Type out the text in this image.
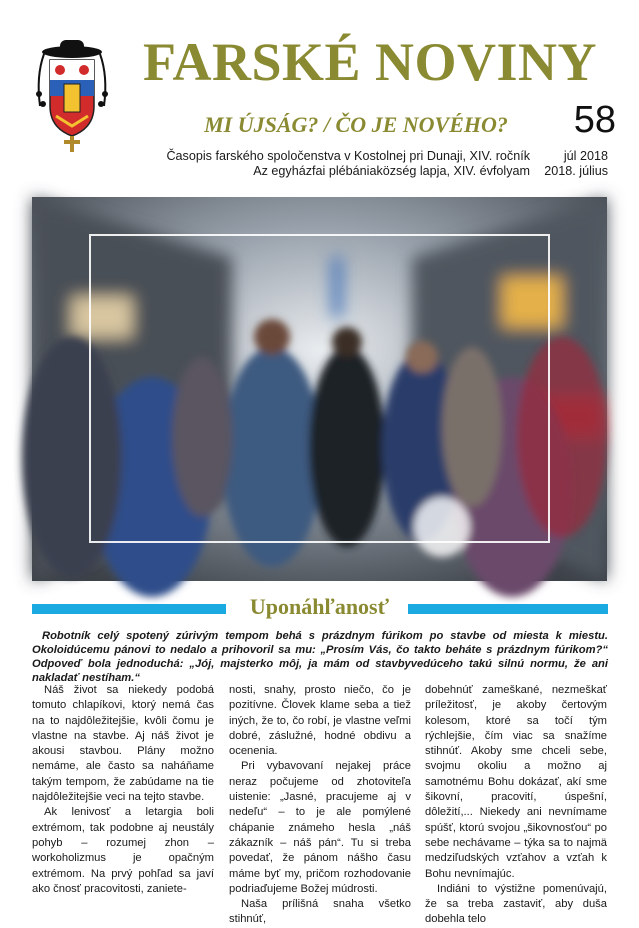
FARSKÉ NOVINY
MI ÚJSÁG? / ČO JE NOVÉHO?	58
Časopis farského spoločenstva v Kostolnej pri Dunaji, XIV. ročník
Az egyházfai plébániaközség lapja, XIV. évfolyam
júl 2018
2018. július
Uponáhľanosť
Robotník celý spotený zúrivým tempom behá s prázdnym fúrikom po stavbe od miesta k miestu. Okoloidúcemu pánovi to nedalo a prihovoril sa mu: „Prosím Vás, čo takto beháte s prázdnym fúrikom?“ Odpoveď bola jednoduchá: „Jój, majsterko môj, ja mám od stavbyvedúceho takú silnú normu, že ani nakladať nestíham.“

Náš život sa niekedy podobá tomuto chlapíkovi, ktorý nemá čas na to najdôležitejšie, kvôli čomu je vlastne na stavbe. Aj náš život je akousi stavbou. Plány možno nemáme, ale často sa naháňame takým tempom, že zabúdame na tie najdôležitejšie veci na tejto stavbe.

Ak lenivosť a letargia boli extrémom, tak podobne aj neustály pohyb – rozumej zhon – workoholizmus je opačným extrémom. Na prvý pohľad sa javí ako čnosť pracovitosti, zaniete-

nosti, snahy, prosto niečo, čo je pozitívne. Človek klame seba a tiež iných, že to, čo robí, je vlastne veľmi dobré, záslužné, hodné obdivu a ocenenia.

Pri vybavovaní nejakej práce neraz počujeme od zhotoviteľa uistenie: „Jasné, pracujeme aj v nedeľu“ – to je ale pomýlené chápanie známeho hesla „náš zákazník – náš pán“. Tu si treba povedať, že pánom nášho času máme byť my, pričom rozhodovanie podriaďujeme Božej múdrosti.

Naša prílišná snaha všetko stihnúť,

dobehnúť zameškané, nezmeškať príležitosť, je akoby čertovým kolesom, ktoré sa točí tým rýchlejšie, čím viac sa snažíme stihnúť. Akoby sme chceli sebe, svojmu okoliu a možno aj samotnému Bohu dokázať, akí sme šikovní, pracovití, úspešní, dôležití,... Niekedy ani nevnímame spúšť, ktorú svojou „šikovnosťou“ po sebe nechávame – týka sa to najmä medziľudských vzťahov a vzťah k Bohu nevnímajúc.

Indiáni to výstižne pomenúvajú, že sa treba zastaviť, aby duša dobehla telo
